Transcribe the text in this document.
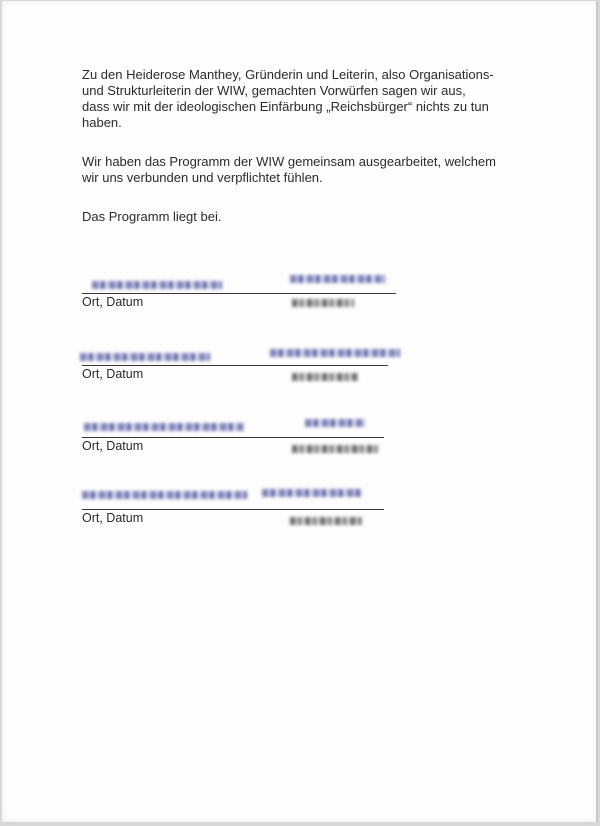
Zu den Heiderose Manthey, Gründerin und Leiterin, also Organisations-
und Strukturleiterin der WIW, gemachten Vorwürfen sagen wir aus,
dass wir mit der ideologischen Einfärbung „Reichsbürger“ nichts zu tun
haben.
Wir haben das Programm der WIW gemeinsam ausgearbeitet, welchem
wir uns verbunden und verpflichtet fühlen.
Das Programm liegt bei.
Ort, Datum
Ort, Datum
Ort, Datum
Ort, Datum
